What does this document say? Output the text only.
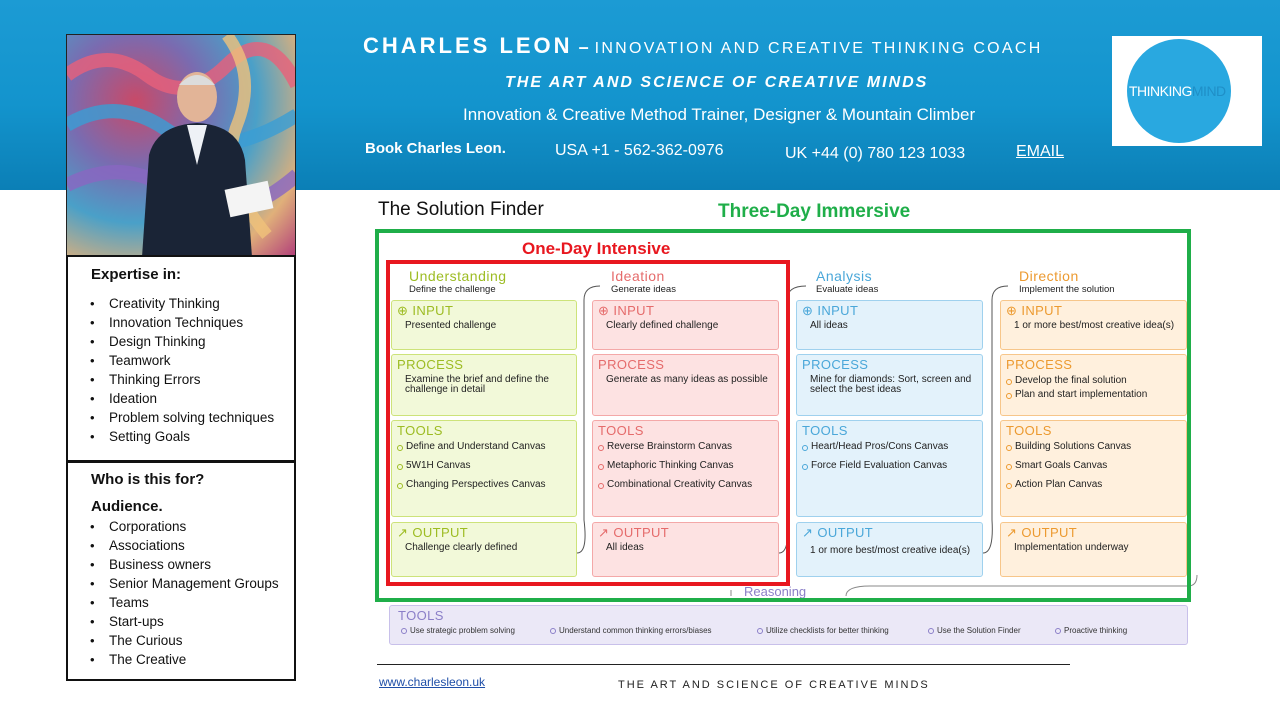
CHARLES LEON – INNOVATION AND CREATIVE THINKING COACH
THE ART AND SCIENCE OF CREATIVE MINDS
Innovation & Creative Method Trainer, Designer & Mountain Climber
Book Charles Leon.	USA +1 - 562-362-0976	UK +44 (0) 780 123 1033	EMAIL
THINKINGMIND
Expertise in:
• Creativity Thinking
• Innovation Techniques
• Design Thinking
• Teamwork
• Thinking Errors
• Ideation
• Problem solving techniques
• Setting Goals
Who is this for?
Audience.
• Corporations
• Associations
• Business owners
• Senior Management Groups
• Teams
• Start-ups
• The Curious
• The Creative
The Solution Finder	Three-Day Immersive
One-Day Intensive
Understanding
Define the challenge
Ideation
Generate ideas
Analysis
Evaluate ideas
Direction
Implement the solution
⊕ INPUT
Presented challenge
PROCESS
Examine the brief and define the challenge in detail
TOOLS
Define and Understand Canvas
5W1H Canvas
Changing Perspectives Canvas
↗ OUTPUT
Challenge clearly defined
⊕ INPUT
Clearly defined challenge
PROCESS
Generate as many ideas as possible
TOOLS
Reverse Brainstorm Canvas
Metaphoric Thinking Canvas
Combinational Creativity Canvas
↗ OUTPUT
All ideas
⊕ INPUT
All ideas
PROCESS
Mine for diamonds: Sort, screen and select the best ideas
TOOLS
Heart/Head Pros/Cons Canvas
Force Field Evaluation Canvas
↗ OUTPUT
1 or more best/most creative idea(s)
⊕ INPUT
1 or more best/most creative idea(s)
PROCESS
Develop the final solution
Plan and start implementation
TOOLS
Building Solutions Canvas
Smart Goals Canvas
Action Plan Canvas
↗ OUTPUT
Implementation underway
Reasoning
TOOLS
Use strategic problem solving	Understand common thinking errors/biases	Utilize checklists for better thinking	Use the Solution Finder	Proactive thinking
www.charlesleon.uk	THE ART AND SCIENCE OF CREATIVE MINDS
